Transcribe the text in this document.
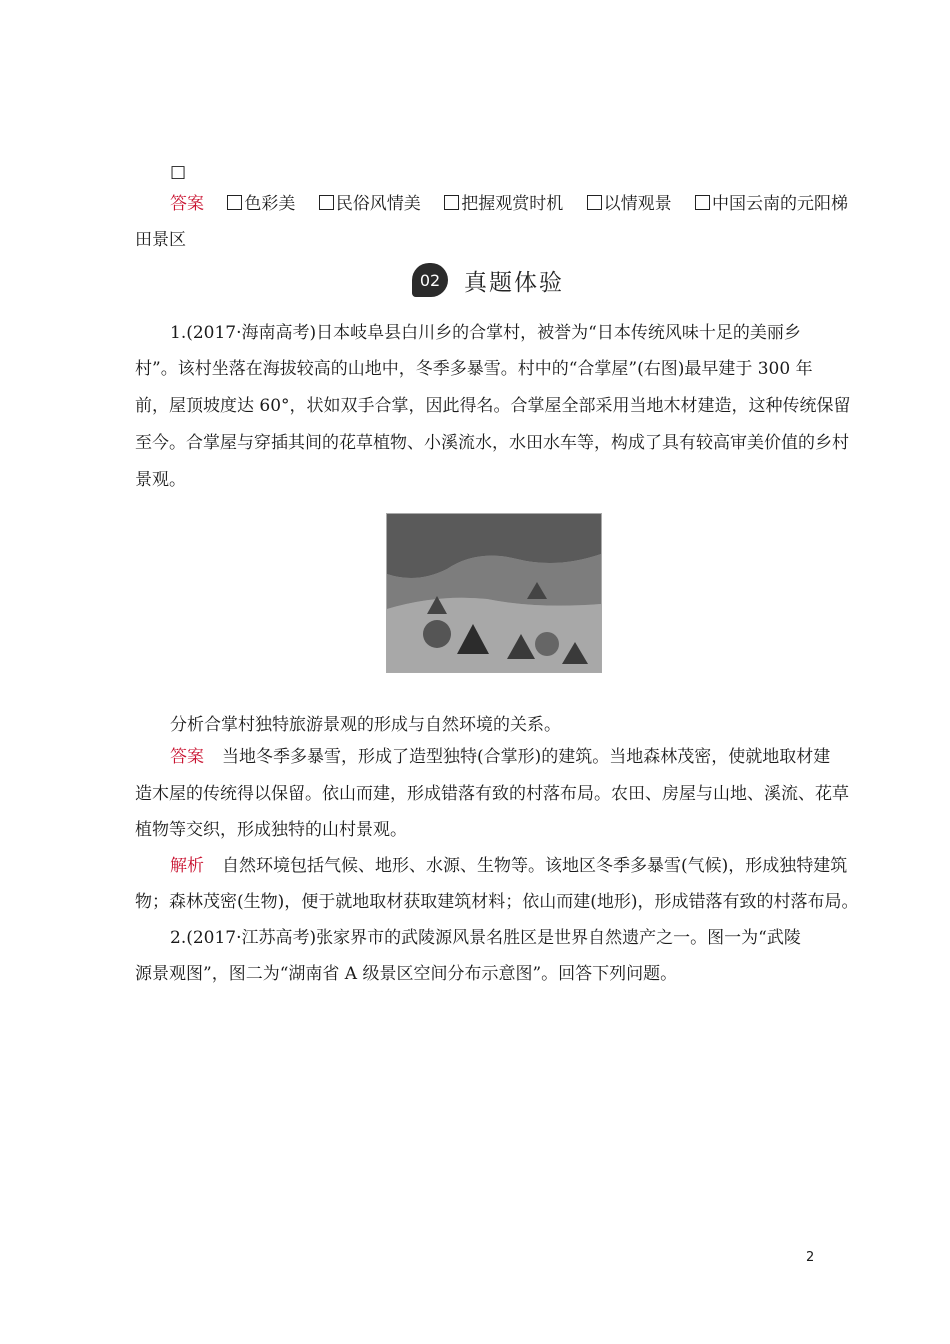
□
答案 色彩美 民俗风情美 把握观赏时机 以情观景 中国云南的元阳梯
田景区
02	真题体验
1.(2017·海南高考)日本岐阜县白川乡的合掌村，被誉为“日本传统风味十足的美丽乡
村”。该村坐落在海拔较高的山地中，冬季多暴雪。村中的“合掌屋”(右图)最早建于 300 年
前，屋顶坡度达 60°，状如双手合掌，因此得名。合掌屋全部采用当地木材建造，这种传统保留
至今。合掌屋与穿插其间的花草植物、小溪流水，水田水车等，构成了具有较高审美价值的乡村
景观。
分析合掌村独特旅游景观的形成与自然环境的关系。
答案 当地冬季多暴雪，形成了造型独特(合掌形)的建筑。当地森林茂密，使就地取材建
造木屋的传统得以保留。依山而建，形成错落有致的村落布局。农田、房屋与山地、溪流、花草
植物等交织，形成独特的山村景观。
解析 自然环境包括气候、地形、水源、生物等。该地区冬季多暴雪(气候)，形成独特建筑
物；森林茂密(生物)，便于就地取材获取建筑材料；依山而建(地形)，形成错落有致的村落布局。
2.(2017·江苏高考)张家界市的武陵源风景名胜区是世界自然遗产之一。图一为“武陵
源景观图”，图二为“湖南省 A 级景区空间分布示意图”。回答下列问题。
2
